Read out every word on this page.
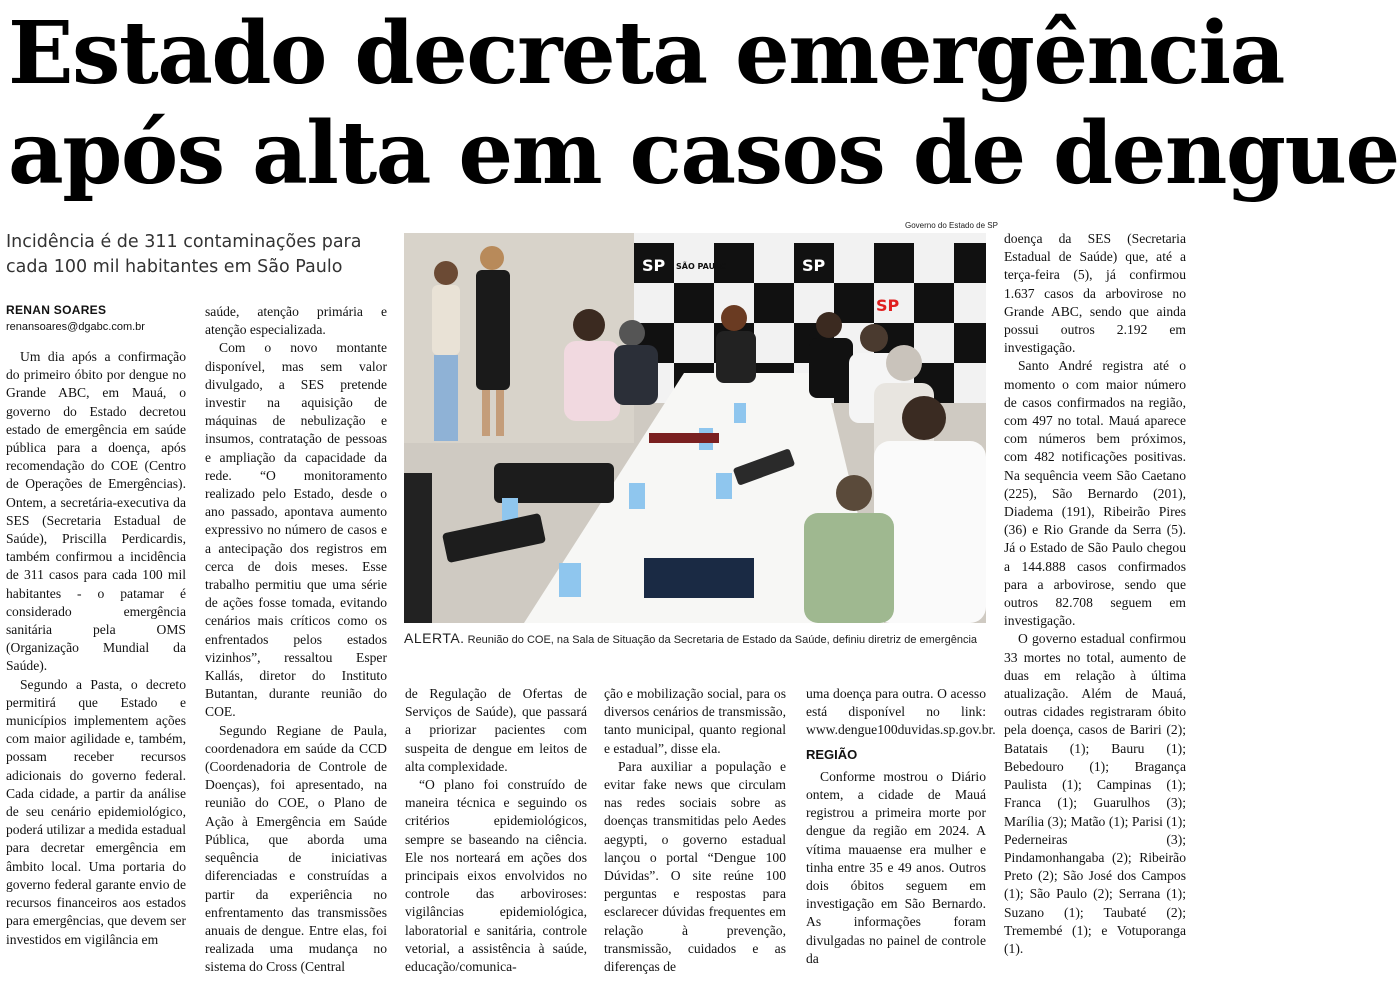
Estado decreta emergência
após alta em casos de dengue

Incidência é de 311 contaminações para cada 100 mil habitantes em São Paulo

RENAN SOARES
renansoares@dgabc.com.br

Um dia após a confirmação do primeiro óbito por dengue no Grande ABC, em Mauá, o governo do Estado decretou estado de emergência em saúde pública para a doença, após recomendação do COE (Centro de Operações de Emergências). Ontem, a secretária-executiva da SES (Secretaria Estadual de Saúde), Priscilla Perdicardis, também confirmou a incidência de 311 casos para cada 100 mil habitantes - o patamar é considerado emergência sanitária pela OMS (Organização Mundial da Saúde).

Segundo a Pasta, o decreto permitirá que Estado e municípios implementem ações com maior agilidade e, também, possam receber recursos adicionais do governo federal. Cada cidade, a partir da análise de seu cenário epidemiológico, poderá utilizar a medida estadual para decretar emergência em âmbito local. Uma portaria do governo federal garante envio de recursos financeiros aos estados para emergências, que devem ser investidos em vigilância em

saúde, atenção primária e atenção especializada.

Com o novo montante disponível, mas sem valor divulgado, a SES pretende investir na aquisição de máquinas de nebulização e insumos, contratação de pessoas e ampliação da capacidade da rede. “O monitoramento realizado pelo Estado, desde o ano passado, apontava aumento expressivo no número de casos e a antecipação dos registros em cerca de dois meses. Esse trabalho permitiu que uma série de ações fosse tomada, evitando cenários mais críticos como os enfrentados pelos estados vizinhos”, ressaltou Esper Kallás, diretor do Instituto Butantan, durante reunião do COE.

Segundo Regiane de Paula, coordenadora em saúde da CCD (Coordenadoria de Controle de Doenças), foi apresentado, na reunião do COE, o Plano de Ação à Emergência em Saúde Pública, que aborda uma sequência de iniciativas diferenciadas e construídas a partir da experiência no enfrentamento das transmissões anuais de dengue. Entre elas, foi realizada uma mudança no sistema do Cross (Central

Governo do Estado de SP
SP	SP
SP
SÃO PAULO
ALERTA. Reunião do COE, na Sala de Situação da Secretaria de Estado da Saúde, definiu diretriz de emergência

de Regulação de Ofertas de Serviços de Saúde), que passará a priorizar pacientes com suspeita de dengue em leitos de alta complexidade.

“O plano foi construído de maneira técnica e seguindo os critérios epidemiológicos, sempre se baseando na ciência. Ele nos norteará em ações dos principais eixos envolvidos no controle das arboviroses: vigilâncias epidemiológica, laboratorial e sanitária, controle vetorial, a assistência à saúde, educação/comunica-

ção e mobilização social, para os diversos cenários de transmissão, tanto municipal, quanto regional e estadual”, disse ela.

Para auxiliar a população e evitar fake news que circulam nas redes sociais sobre as doenças transmitidas pelo Aedes aegypti, o governo estadual lançou o portal “Dengue 100 Dúvidas”. O site reúne 100 perguntas e respostas para esclarecer dúvidas frequentes em relação à prevenção, transmissão, cuidados e as diferenças de

uma doença para outra. O acesso está disponível no link: www.dengue100duvidas.sp.gov.br.

REGIÃO

Conforme mostrou o Diário ontem, a cidade de Mauá registrou a primeira morte por dengue da região em 2024. A vítima mauaense era mulher e tinha entre 35 e 49 anos. Outros dois óbitos seguem em investigação em São Bernardo. As informações foram divulgadas no painel de controle da

doença da SES (Secretaria Estadual de Saúde) que, até a terça-feira (5), já confirmou 1.637 casos da arbovirose no Grande ABC, sendo que ainda possui outros 2.192 em investigação.

Santo André registra até o momento o com maior número de casos confirmados na região, com 497 no total. Mauá aparece com números bem próximos, com 482 notificações positivas. Na sequência veem São Caetano (225), São Bernardo (201), Diadema (191), Ribeirão Pires (36) e Rio Grande da Serra (5). Já o Estado de São Paulo chegou a 144.888 casos confirmados para a arbovirose, sendo que outros 82.708 seguem em investigação.

O governo estadual confirmou 33 mortes no total, aumento de duas em relação à última atualização. Além de Mauá, outras cidades registraram óbito pela doença, casos de Bariri (2); Batatais (1); Bauru (1); Bebedouro (1); Bragança Paulista (1); Campinas (1); Franca (1); Guarulhos (3); Marília (3); Matão (1); Parisi (1); Pederneiras (3); Pindamonhangaba (2); Ribeirão Preto (2); São José dos Campos (1); São Paulo (2); Serrana (1); Suzano (1); Taubaté (2); Tremembé (1); e Votuporanga (1).
